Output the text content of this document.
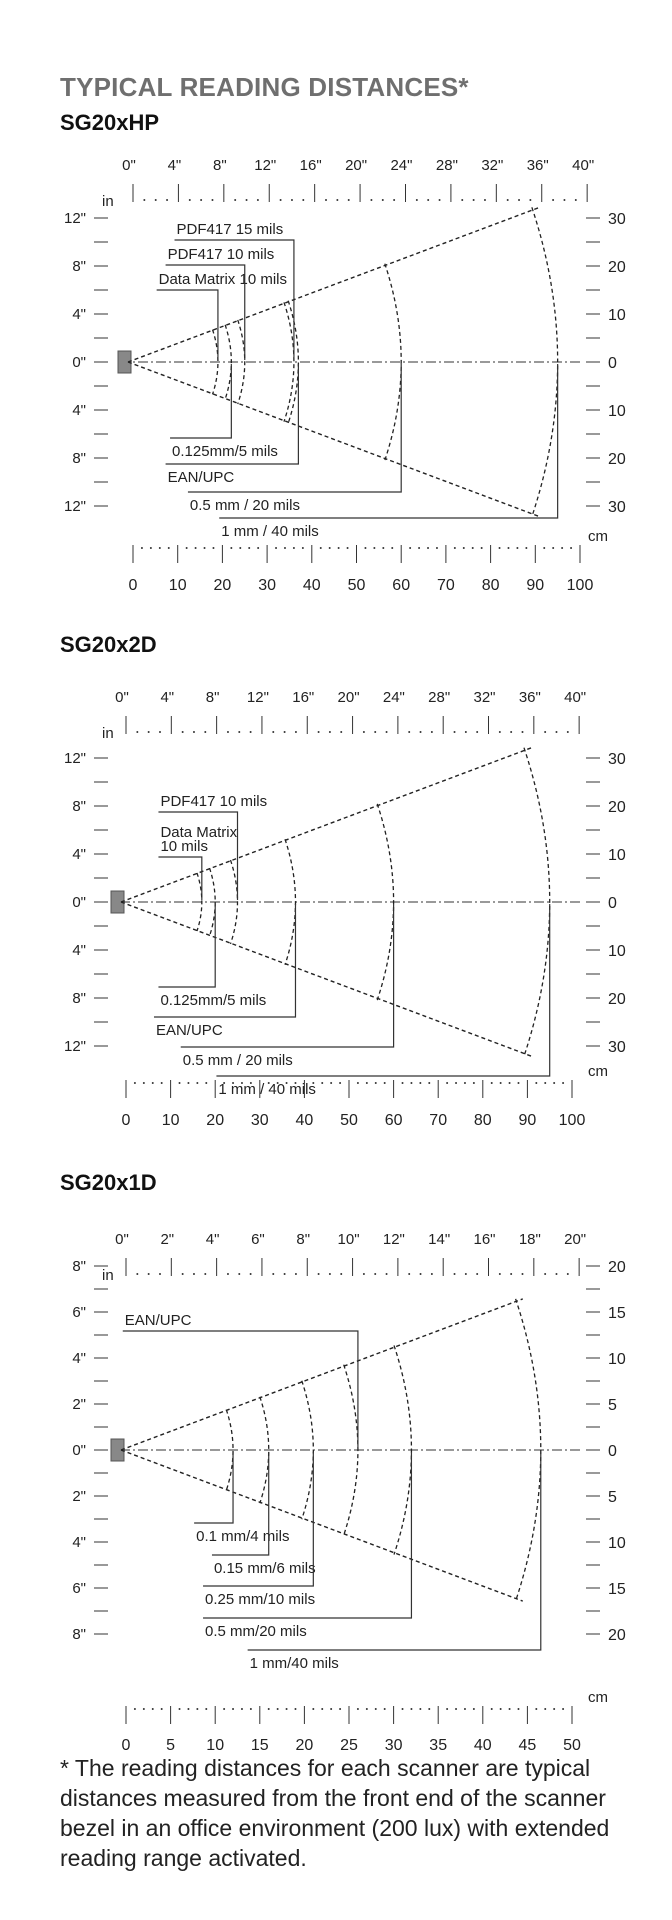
TYPICAL READING DISTANCES*
SG20xHP
0" 4" 8" 12" 16" 20" 24" 28" 32" 36" 40"
in
0 10 20 30 40 50 60 70 80 90 100
cm
12"
8"
4"
0"
4"
8"
12"
30
20
10
0
10
20
30
Data Matrix 10 mils
PDF417 10 mils
PDF417 15 mils
0.125mm/5 mils
EAN/UPC
0.5 mm / 20 mils
1 mm / 40 mils
SG20x2D
0" 4" 8" 12" 16" 20" 24" 28" 32" 36" 40"
in
0 10 20 30 40 50 60 70 80 90 100
cm
12"
8"
4"
0"
4"
8"
12"
30
20
10
0
10
20
30
Data Matrix
10 mils
PDF417 10 mils
0.125mm/5 mils
EAN/UPC
0.5 mm / 20 mils
1 mm / 40 mils
SG20x1D
0" 2" 4" 6" 8" 10" 12" 14" 16" 18" 20"
in
0 5 10 15 20 25 30 35 40 45 50
cm
8"
6"
4"
2"
0"
2"
4"
6"
8"
20
15
10
5
0
5
10
15
20
EAN/UPC
0.1 mm/4 mils
0.15 mm/6 mils
0.25 mm/10 mils
0.5 mm/20 mils
1 mm/40 mils

* The reading distances for each scanner are typical distances measured from the front end of the scanner bezel in an office environment (200 lux) with extended reading range activated.
